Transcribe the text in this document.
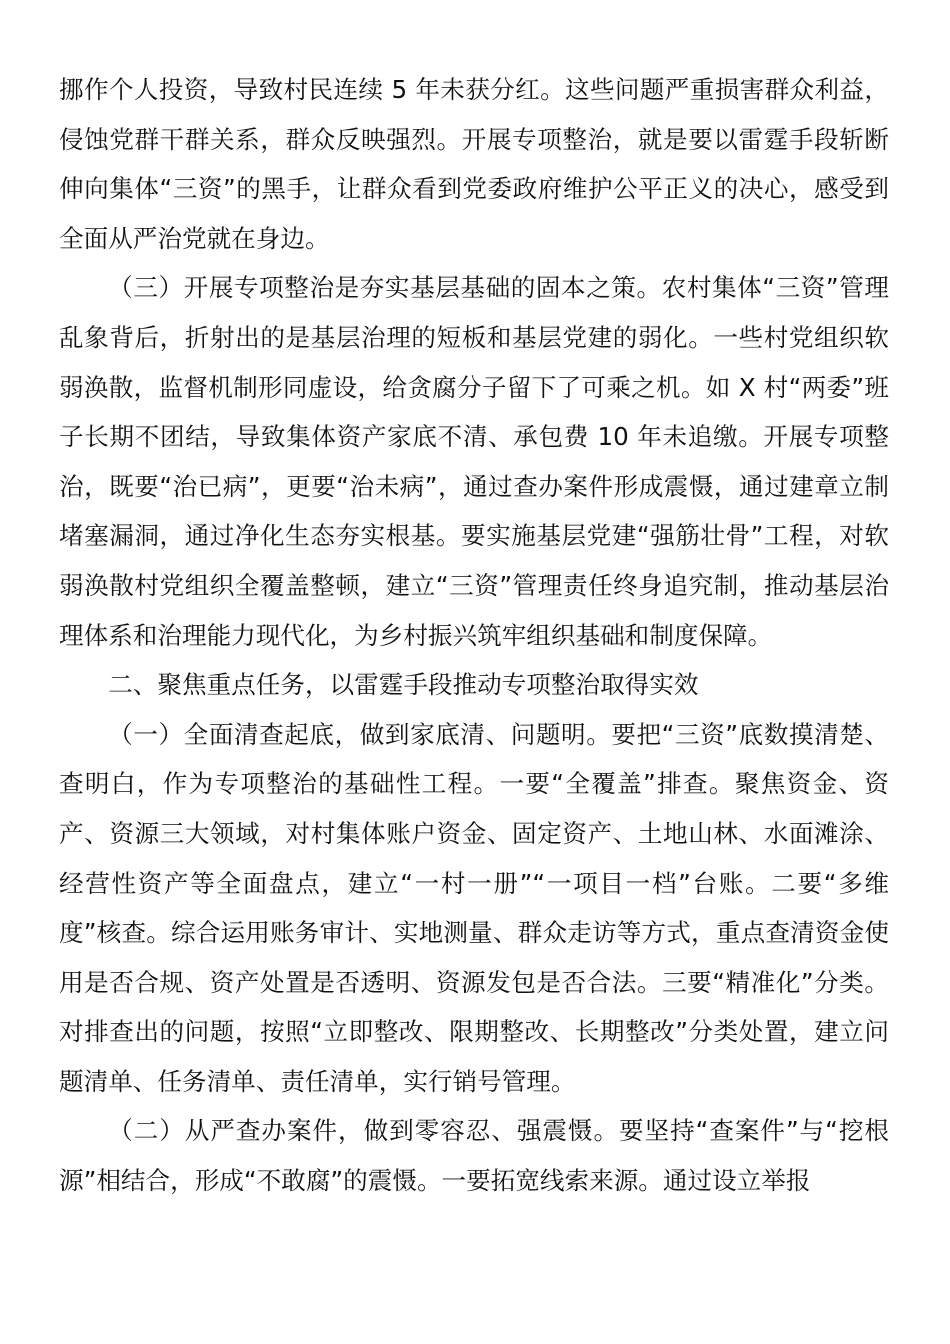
挪作个人投资，导致村民连续 5 年未获分红。这些问题严重损害群众利益，侵蚀党群干群关系，群众反映强烈。开展专项整治，就是要以雷霆手段斩断伸向集体“三资”的黑手，让群众看到党委政府维护公平正义的决心，感受到全面从严治党就在身边。

（三）开展专项整治是夯实基层基础的固本之策。农村集体“三资”管理乱象背后，折射出的是基层治理的短板和基层党建的弱化。一些村党组织软弱涣散，监督机制形同虚设，给贪腐分子留下了可乘之机。如 X 村“两委”班子长期不团结，导致集体资产家底不清、承包费 10 年未追缴。开展专项整治，既要“治已病”，更要“治未病”，通过查办案件形成震慑，通过建章立制堵塞漏洞，通过净化生态夯实根基。要实施基层党建“强筋壮骨”工程，对软弱涣散村党组织全覆盖整顿，建立“三资”管理责任终身追究制，推动基层治理体系和治理能力现代化，为乡村振兴筑牢组织基础和制度保障。

二、聚焦重点任务，以雷霆手段推动专项整治取得实效

（一）全面清查起底，做到家底清、问题明。要把“三资”底数摸清楚、查明白，作为专项整治的基础性工程。一要“全覆盖”排查。聚焦资金、资产、资源三大领域，对村集体账户资金、固定资产、土地山林、水面滩涂、经营性资产等全面盘点，建立“一村一册”“一项目一档”台账。二要“多维度”核查。综合运用账务审计、实地测量、群众走访等方式，重点查清资金使用是否合规、资产处置是否透明、资源发包是否合法。三要“精准化”分类。对排查出的问题，按照“立即整改、限期整改、长期整改”分类处置，建立问题清单、任务清单、责任清单，实行销号管理。

（二）从严查办案件，做到零容忍、强震慑。要坚持“查案件”与“挖根源”相结合，形成“不敢腐”的震慑。一要拓宽线索来源。通过设立举报
